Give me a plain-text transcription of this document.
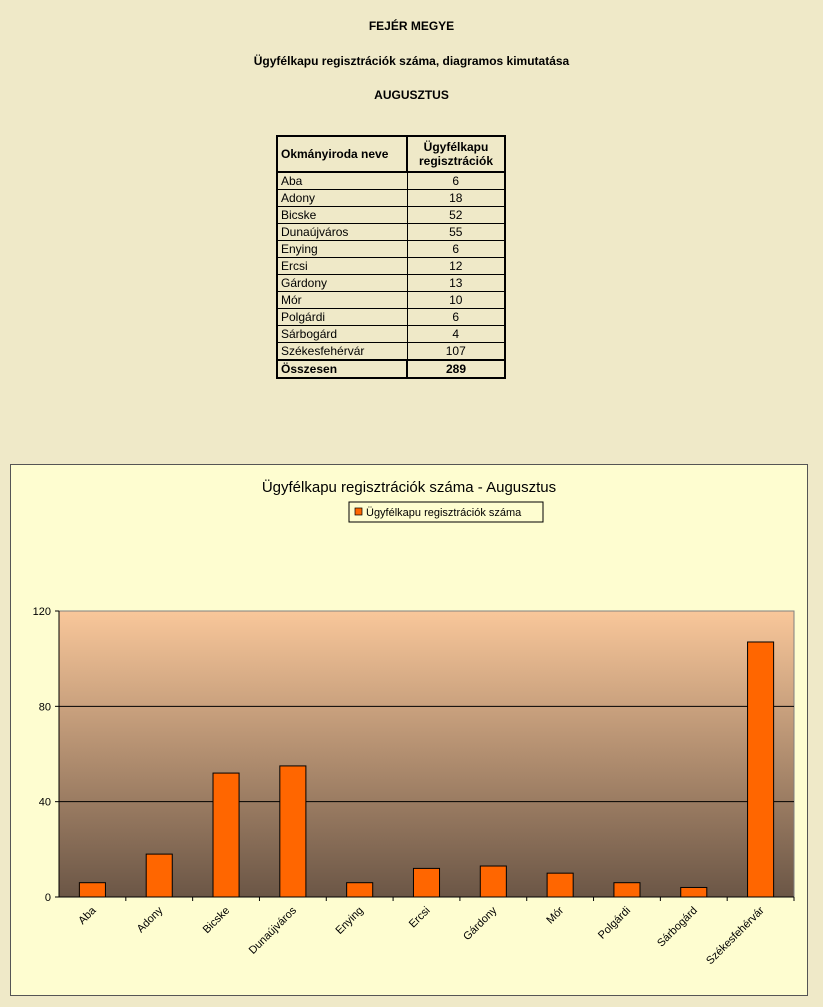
FEJÉR MEGYE
Ügyfélkapu regisztrációk száma, diagramos kimutatása
AUGUSZTUS
Okmányiroda neve	Ügyfélkapu
regisztrációk
Aba	6
Adony	18
Bicske	52
Dunaújváros	55
Enying	6
Ercsi	12
Gárdony	13
Mór	10
Polgárdi	6
Sárbogárd	4
Székesfehérvár	107
Összesen	289
Ügyfélkapu regisztrációk száma - Augusztus
Ügyfélkapu regisztrációk száma
0
40
80
120
Aba	Adony	Bicske Dunaújváros	Enying	Ercsi	Gárdony	Mór	Polgárdi Sárbogárd Székesfehérvár
